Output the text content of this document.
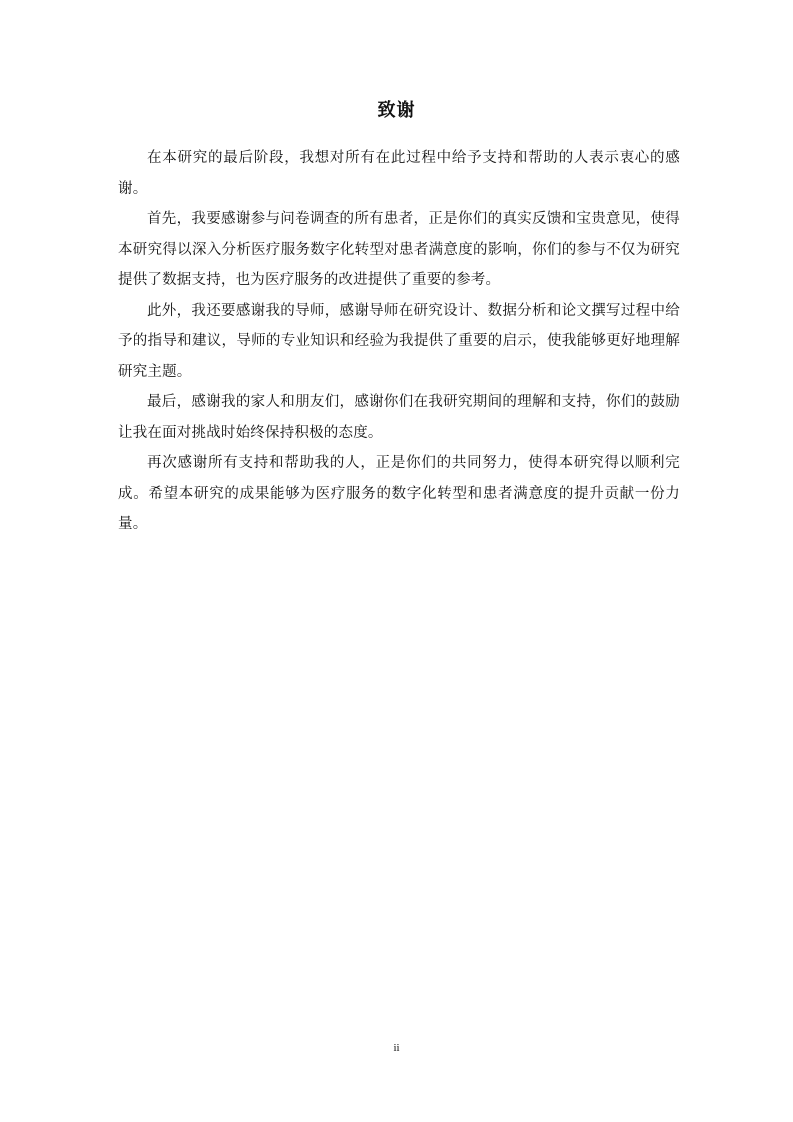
致谢

在本研究的最后阶段，我想对所有在此过程中给予支持和帮助的人表示衷心的感谢。

首先，我要感谢参与问卷调查的所有患者，正是你们的真实反馈和宝贵意见，使得本研究得以深入分析医疗服务数字化转型对患者满意度的影响，你们的参与不仅为研究提供了数据支持，也为医疗服务的改进提供了重要的参考。

此外，我还要感谢我的导师，感谢导师在研究设计、数据分析和论文撰写过程中给予的指导和建议，导师的专业知识和经验为我提供了重要的启示，使我能够更好地理解研究主题。

最后，感谢我的家人和朋友们，感谢你们在我研究期间的理解和支持，你们的鼓励让我在面对挑战时始终保持积极的态度。

再次感谢所有支持和帮助我的人，正是你们的共同努力，使得本研究得以顺利完成。希望本研究的成果能够为医疗服务的数字化转型和患者满意度的提升贡献一份力量。

ii
